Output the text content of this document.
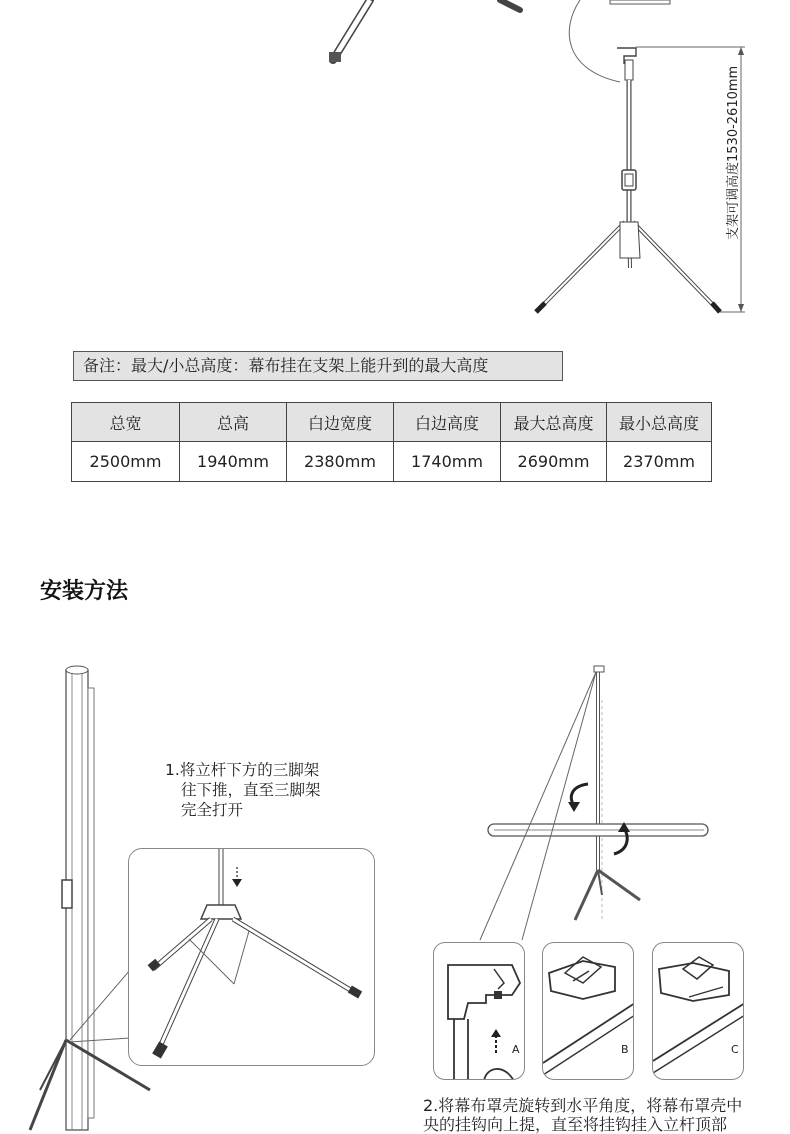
支架可调高度1530-2610mm
备注：最大/小总高度：幕布挂在支架上能升到的最大高度
总宽	总高	白边宽度	白边高度	最大总高度	最小总高度
2500mm	1940mm	2380mm	1740mm	2690mm	2370mm
安装方法
1.将立杆下方的三脚架
往下推，直至三脚架
完全打开
A	B	C
2.将幕布罩壳旋转到水平角度，将幕布罩壳中
央的挂钩向上提，直至将挂钩挂入立杆顶部
